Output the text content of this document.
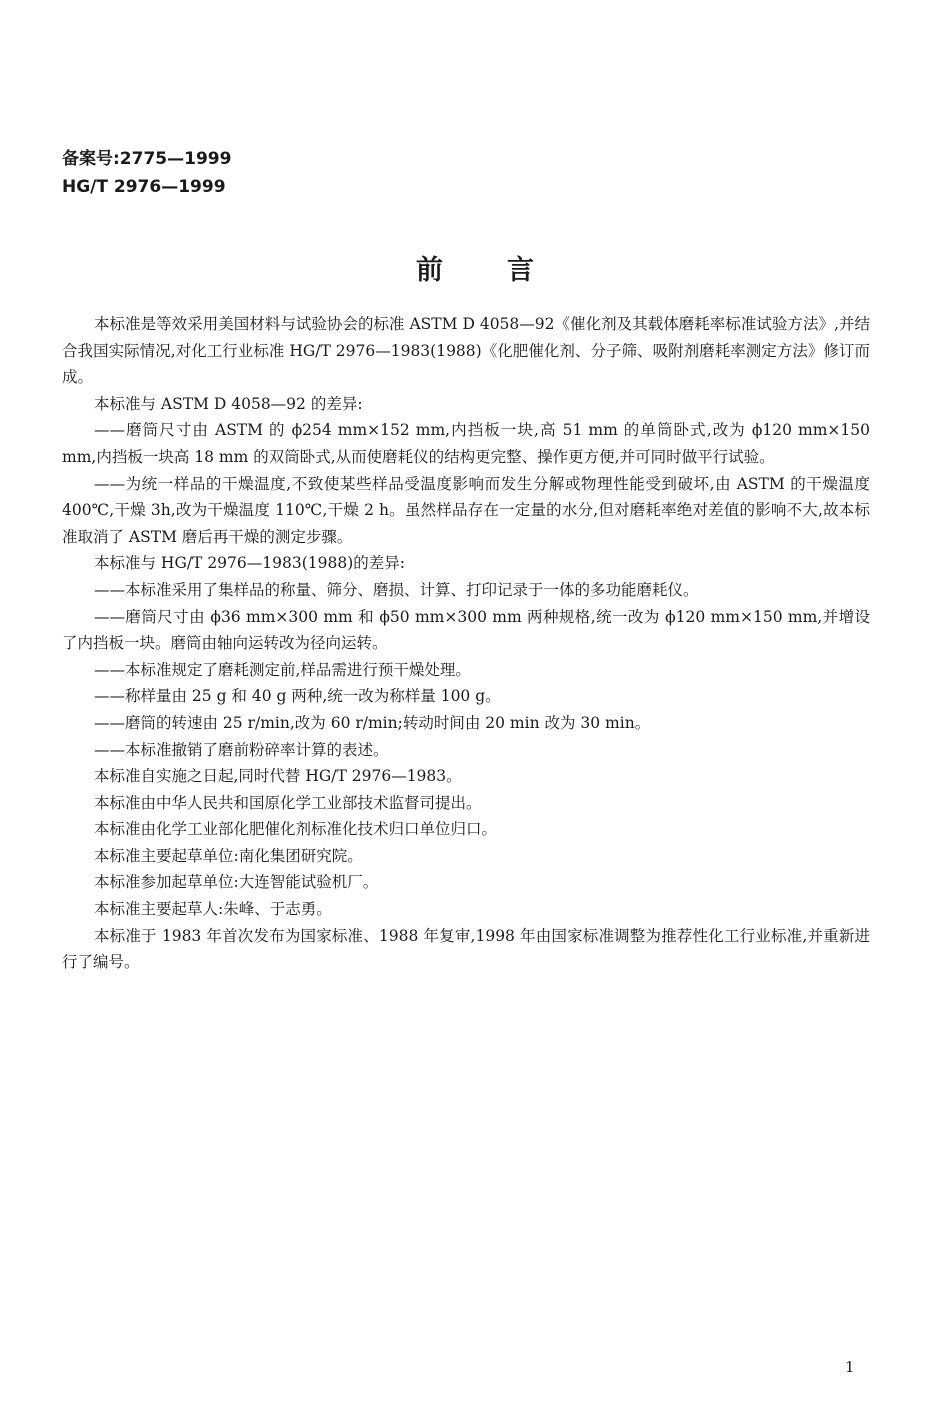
备案号:2775—1999
HG/T 2976—1999
前言

本标准是等效采用美国材料与试验协会的标准 ASTM D 4058—92《催化剂及其载体磨耗率标准试验方法》,并结合我国实际情况,对化工行业标准 HG/T 2976—1983(1988)《化肥催化剂、分子筛、吸附剂磨耗率测定方法》修订而成。

本标准与 ASTM D 4058—92 的差异:

——磨筒尺寸由 ASTM 的 ϕ254 mm×152 mm,内挡板一块,高 51 mm 的单筒卧式,改为 ϕ120 mm×150 mm,内挡板一块高 18 mm 的双筒卧式,从而使磨耗仪的结构更完整、操作更方便,并可同时做平行试验。

——为统一样品的干燥温度,不致使某些样品受温度影响而发生分解或物理性能受到破坏,由 ASTM 的干燥温度 400℃,干燥 3h,改为干燥温度 110℃,干燥 2 h。虽然样品存在一定量的水分,但对磨耗率绝对差值的影响不大,故本标准取消了 ASTM 磨后再干燥的测定步骤。

本标准与 HG/T 2976—1983(1988)的差异:

——本标准采用了集样品的称量、筛分、磨损、计算、打印记录于一体的多功能磨耗仪。

——磨筒尺寸由 ϕ36 mm×300 mm 和 ϕ50 mm×300 mm 两种规格,统一改为 ϕ120 mm×150 mm,并增设了内挡板一块。磨筒由轴向运转改为径向运转。

——本标准规定了磨耗测定前,样品需进行预干燥处理。

——称样量由 25 g 和 40 g 两种,统一改为称样量 100 g。

——磨筒的转速由 25 r/min,改为 60 r/min;转动时间由 20 min 改为 30 min。

——本标准撤销了磨前粉碎率计算的表述。

本标准自实施之日起,同时代替 HG/T 2976—1983。

本标准由中华人民共和国原化学工业部技术监督司提出。

本标准由化学工业部化肥催化剂标准化技术归口单位归口。

本标准主要起草单位:南化集团研究院。

本标准参加起草单位:大连智能试验机厂。

本标准主要起草人:朱峰、于志勇。

本标准于 1983 年首次发布为国家标准、1988 年复审,1998 年由国家标准调整为推荐性化工行业标准,并重新进行了编号。

1
